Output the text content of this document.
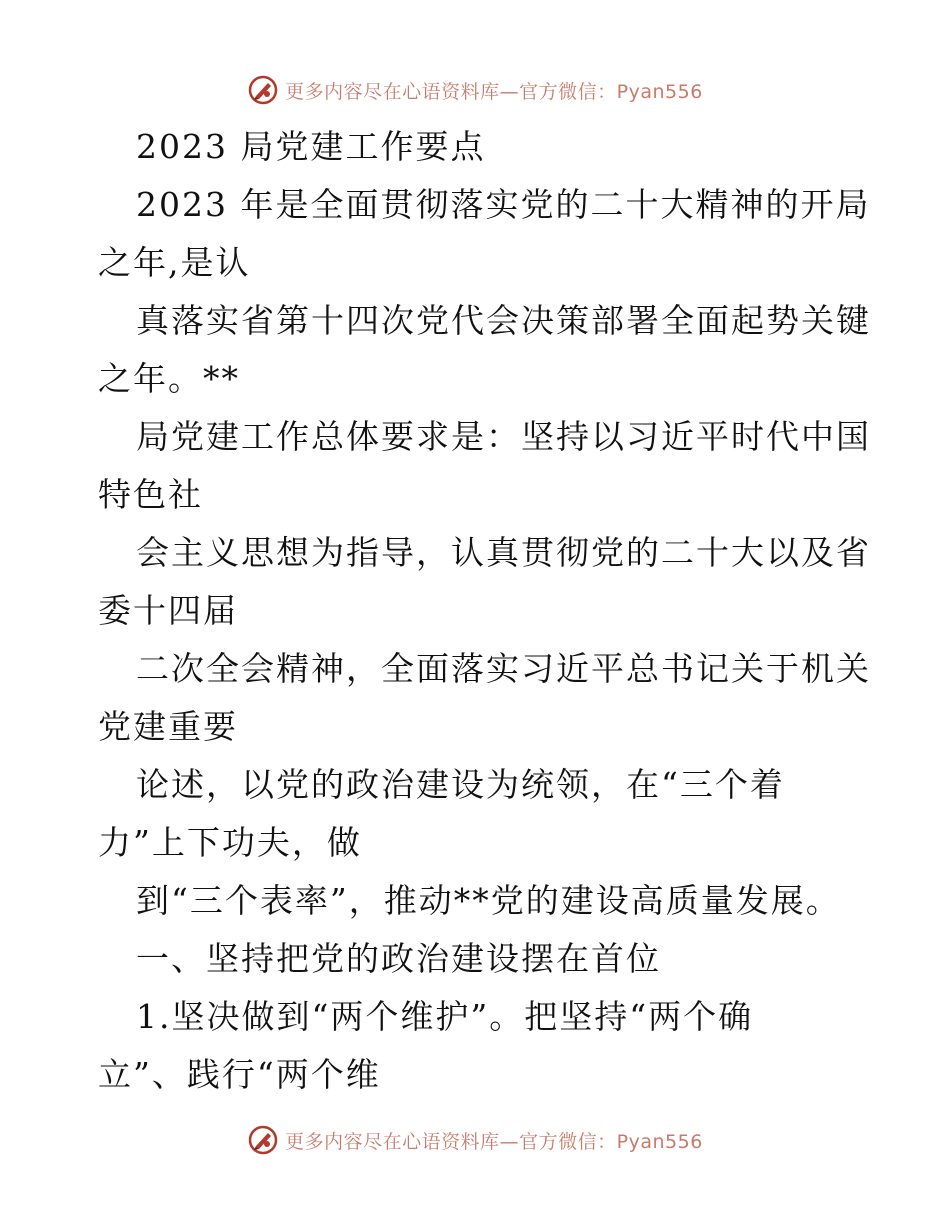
更多内容尽在心语资料库—官方微信：Pyan556
2023 局党建工作要点
2023 年是全面贯彻落实党的二十大精神的开局
之年,是认
真落实省第十四次党代会决策部署全面起势关键
之年。**
局党建工作总体要求是：坚持以习近平时代中国
特色社
会主义思想为指导，认真贯彻党的二十大以及省
委十四届
二次全会精神，全面落实习近平总书记关于机关
党建重要
论述，以党的政治建设为统领，在“三个着
力”上下功夫，做
到“三个表率”，推动**党的建设高质量发展。
一、坚持把党的政治建设摆在首位
1.坚决做到“两个维护”。把坚持“两个确
立”、践行“两个维
更多内容尽在心语资料库—官方微信：Pyan556
